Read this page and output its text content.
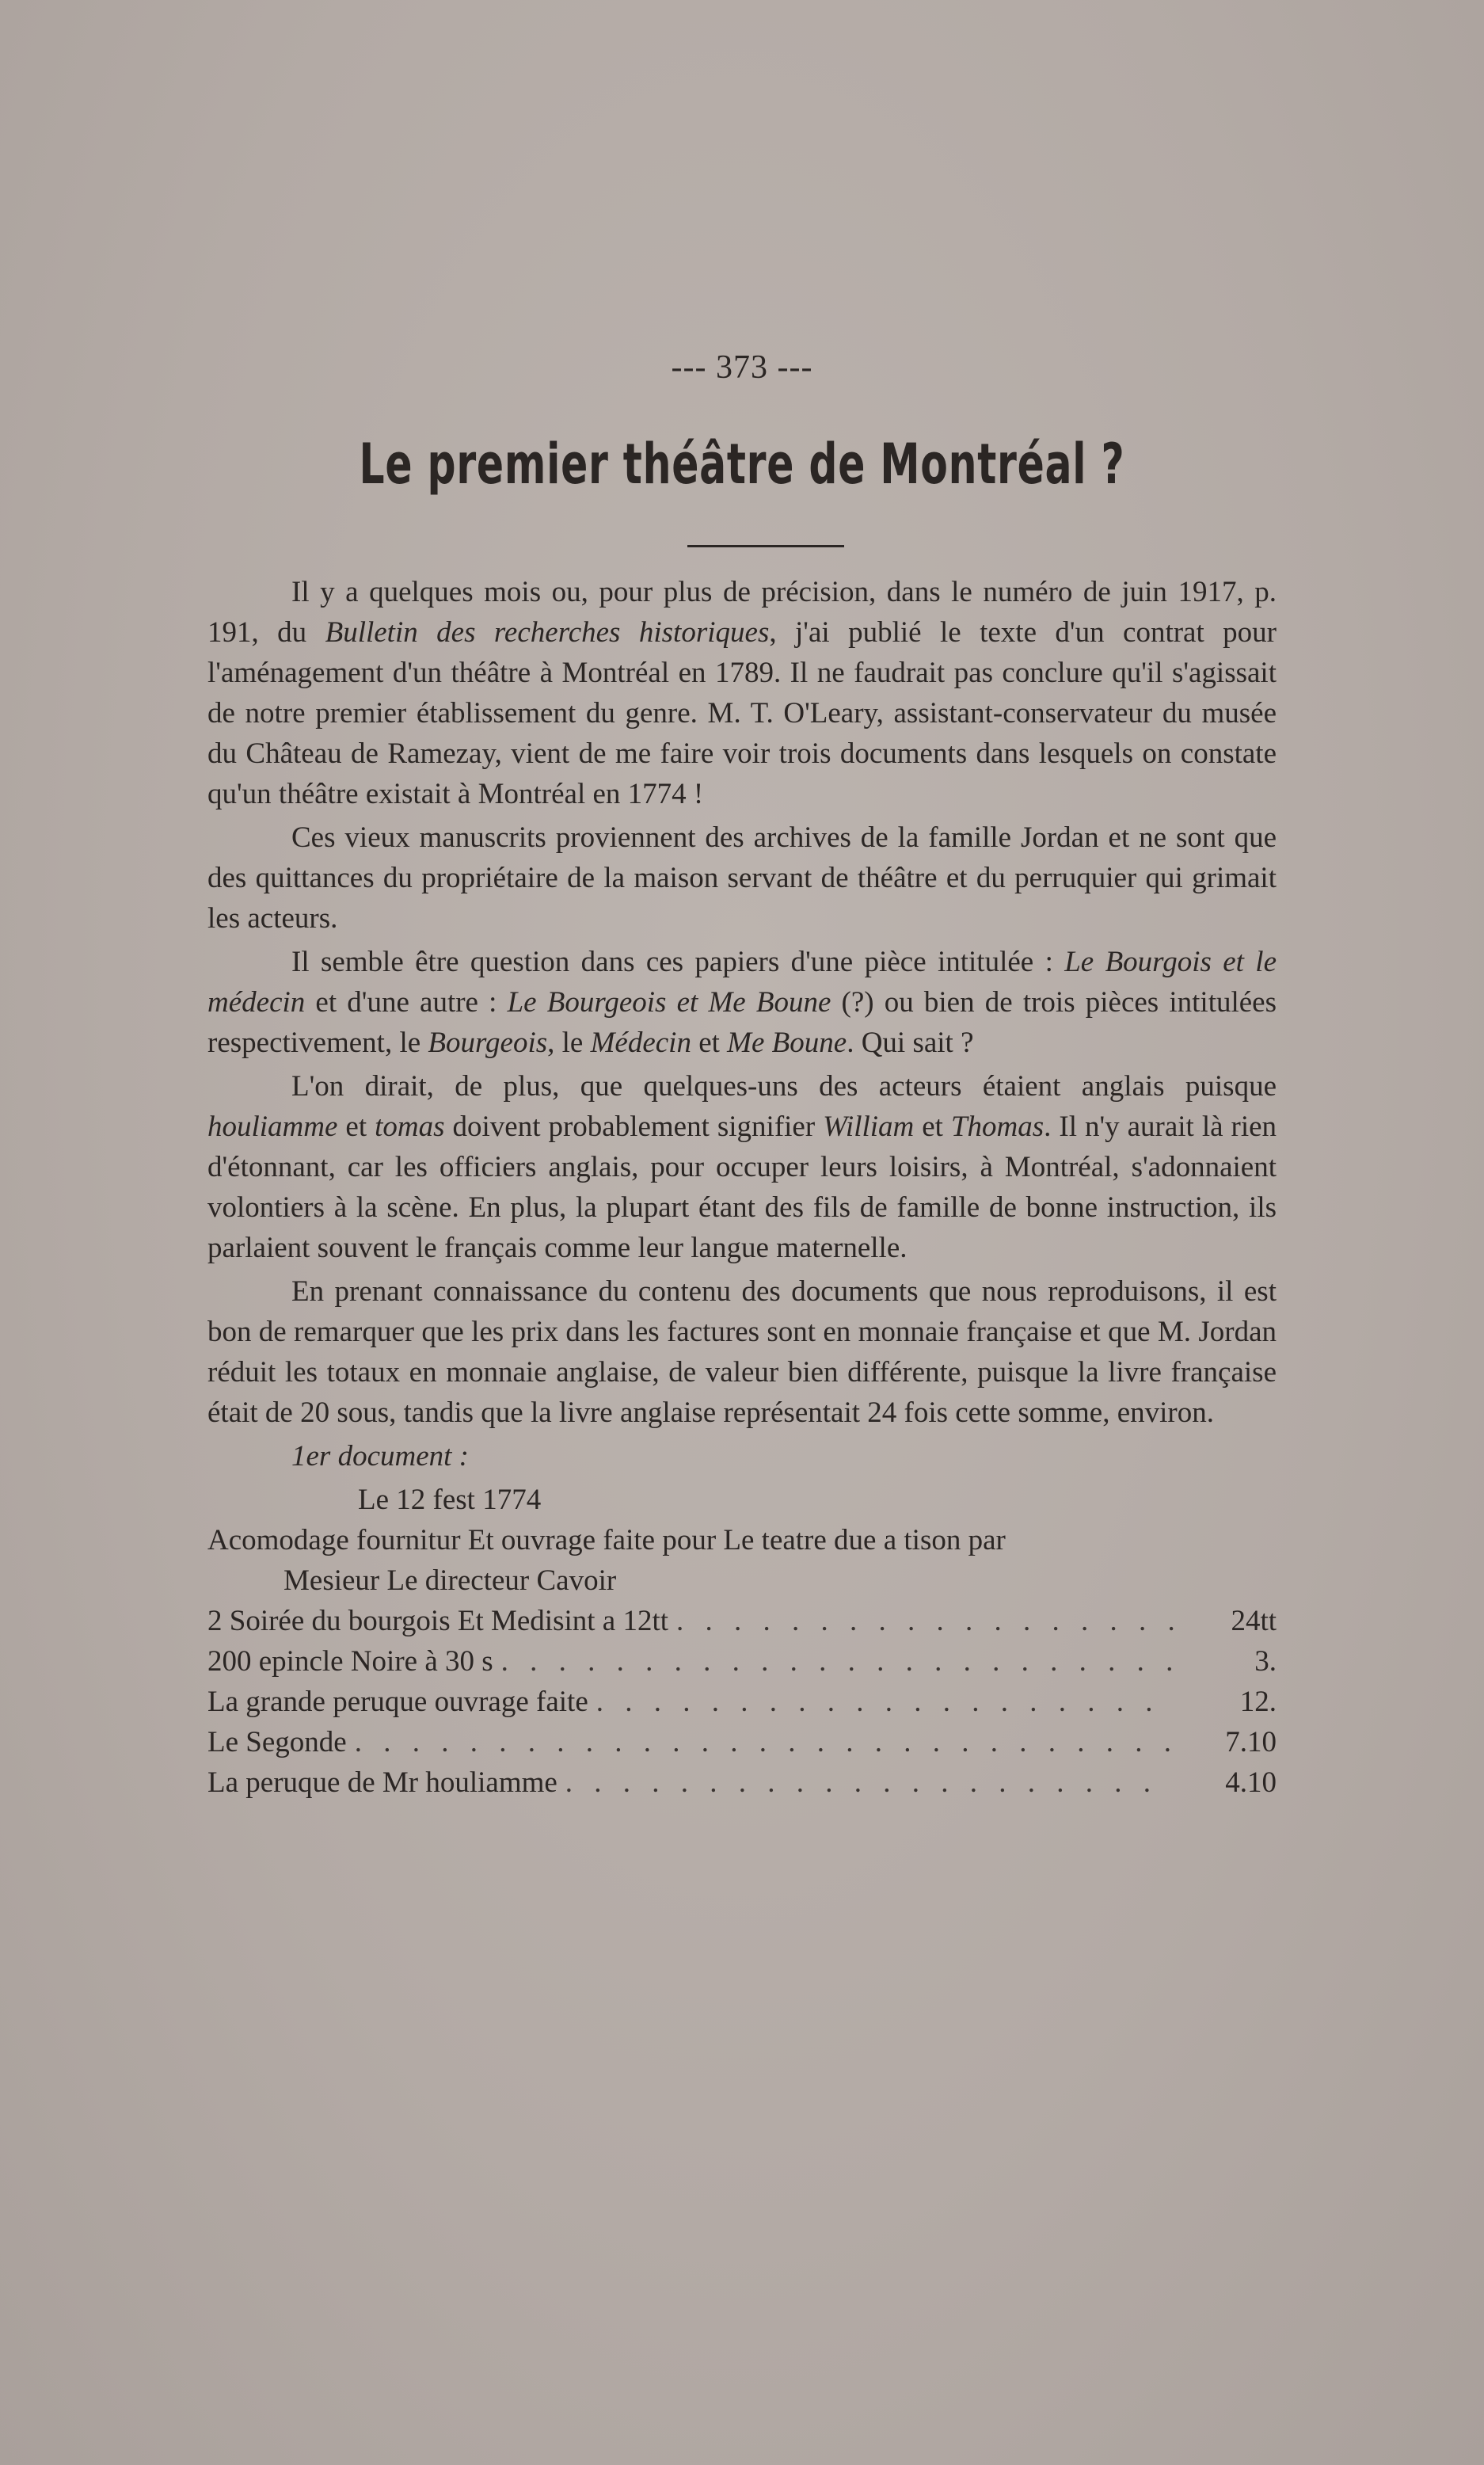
--- 373 ---
Le premier théâtre de Montréal ?

Il y a quelques mois ou, pour plus de précision, dans le numéro de juin 1917, p. 191, du Bulletin des recherches historiques, j'ai publié le texte d'un contrat pour l'aménagement d'un théâtre à Montréal en 1789. Il ne faudrait pas conclure qu'il s'agissait de notre premier établissement du genre. M. T. O'Leary, assistant-conservateur du musée du Château de Ramezay, vient de me faire voir trois documents dans lesquels on constate qu'un théâtre existait à Montréal en 1774 !

Ces vieux manuscrits proviennent des archives de la famille Jordan et ne sont que des quittances du propriétaire de la maison servant de théâtre et du perruquier qui grimait les acteurs.

Il semble être question dans ces papiers d'une pièce intitulée : Le Bourgois et le médecin et d'une autre : Le Bourgeois et Me Boune (?) ou bien de trois pièces intitulées respectivement, le Bourgeois, le Médecin et Me Boune. Qui sait ?

L'on dirait, de plus, que quelques-uns des acteurs étaient anglais puisque houliamme et tomas doivent probablement signifier William et Thomas. Il n'y aurait là rien d'étonnant, car les officiers anglais, pour occuper leurs loisirs, à Montréal, s'adonnaient volontiers à la scène. En plus, la plupart étant des fils de famille de bonne instruction, ils parlaient souvent le français comme leur langue maternelle.

En prenant connaissance du contenu des documents que nous reproduisons, il est bon de remarquer que les prix dans les factures sont en monnaie française et que M. Jordan réduit les totaux en monnaie anglaise, de valeur bien différente, puisque la livre française était de 20 sous, tandis que la livre anglaise représentait 24 fois cette somme, environ.

1er document :
Le 12 fest 1774
Acomodage fournitur Et ouvrage faite pour Le teatre due a tison par
Mesieur Le directeur Cavoir
2 Soirée du bourgois Et Medisint a 12tt . . .	24tt
200 epincle Noire à 30 s . . .	3.
La grande peruque ouvrage faite . . .	12.
Le Segonde . . .	7.10
La peruque de Mr houliamme . . .	4.10
